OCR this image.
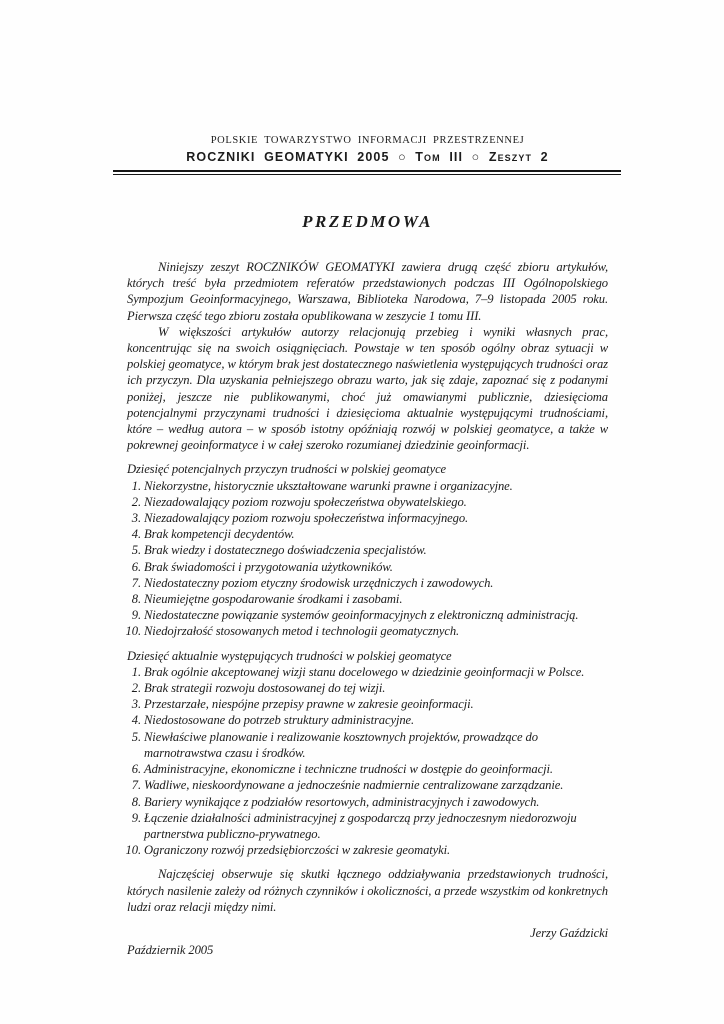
POLSKIE TOWARZYSTWO INFORMACJI PRZESTRZENNEJ
ROCZNIKI GEOMATYKI 2005 ○ Tom III ○ Zeszyt 2
PRZEDMOWA

Niniejszy zeszyt ROCZNIKÓW GEOMATYKI zawiera drugą część zbioru artykułów, których treść była przedmiotem referatów przedstawionych podczas III Ogólnopolskiego Sympozjum Geoinformacyjnego, Warszawa, Biblioteka Narodowa, 7–9 listopada 2005 roku. Pierwsza część tego zbioru została opublikowana w zeszycie 1 tomu III.

W większości artykułów autorzy relacjonują przebieg i wyniki własnych prac, koncentrując się na swoich osiągnięciach. Powstaje w ten sposób ogólny obraz sytuacji w polskiej geomatyce, w którym brak jest dostatecznego naświetlenia występujących trudności oraz ich przyczyn. Dla uzyskania pełniejszego obrazu warto, jak się zdaje, zapoznać się z podanymi poniżej, jeszcze nie publikowanymi, choć już omawianymi publicznie, dziesięcioma potencjalnymi przyczynami trudności i dziesięcioma aktualnie występującymi trudnościami, które – według autora – w sposób istotny opóźniają rozwój w polskiej geomatyce, a także w pokrewnej geoinformatyce i w całej szeroko rozumianej dziedzinie geoinformacji.

Dziesięć potencjalnych przyczyn trudności w polskiej geomatyce

1. Niekorzystne, historycznie ukształtowane warunki prawne i organizacyjne.
2. Niezadowalający poziom rozwoju społeczeństwa obywatelskiego.
3. Niezadowalający poziom rozwoju społeczeństwa informacyjnego.
4. Brak kompetencji decydentów.
5. Brak wiedzy i dostatecznego doświadczenia specjalistów.
6. Brak świadomości i przygotowania użytkowników.
7. Niedostateczny poziom etyczny środowisk urzędniczych i zawodowych.
8. Nieumiejętne gospodarowanie środkami i zasobami.
9. Niedostateczne powiązanie systemów geoinformacyjnych z elektroniczną administracją.
10. Niedojrzałość stosowanych metod i technologii geomatycznych.

Dziesięć aktualnie występujących trudności w polskiej geomatyce

1. Brak ogólnie akceptowanej wizji stanu docelowego w dziedzinie geoinformacji w Polsce.
2. Brak strategii rozwoju dostosowanej do tej wizji.
3. Przestarzałe, niespójne przepisy prawne w zakresie geoinformacji.
4. Niedostosowane do potrzeb struktury administracyjne.
5. Niewłaściwe planowanie i realizowanie kosztownych projektów, prowadzące do marnotrawstwa czasu i środków.
6. Administracyjne, ekonomiczne i techniczne trudności w dostępie do geoinformacji.
7. Wadliwe, nieskoordynowane a jednocześnie nadmiernie centralizowane zarządzanie.
8. Bariery wynikające z podziałów resortowych, administracyjnych i zawodowych.
9. Łączenie działalności administracyjnej z gospodarczą przy jednoczesnym niedorozwoju partnerstwa publiczno-prywatnego.
10. Ograniczony rozwój przedsiębiorczości w zakresie geomatyki.

Najczęściej obserwuje się skutki łącznego oddziaływania przedstawionych trudności, których nasilenie zależy od różnych czynników i okoliczności, a przede wszystkim od konkretnych ludzi oraz relacji między nimi.

Jerzy Gaździcki

Październik 2005
